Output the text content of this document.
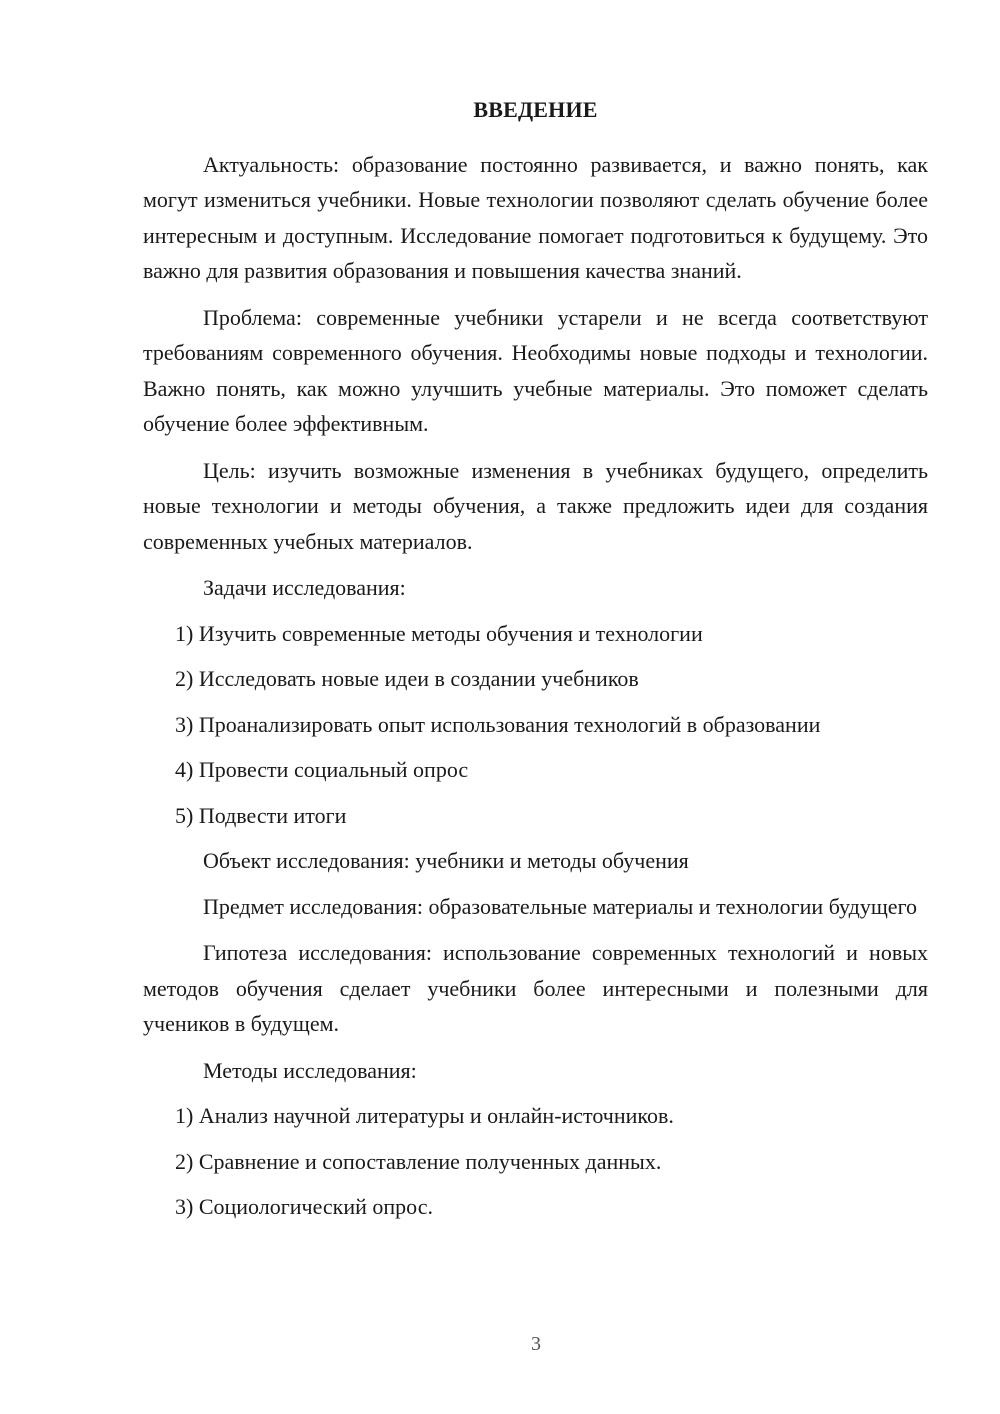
ВВЕДЕНИЕ

Актуальность: образование постоянно развивается, и важно понять, как могут измениться учебники. Новые технологии позволяют сделать обучение более интересным и доступным. Исследование помогает подготовиться к будущему. Это важно для развития образования и повышения качества знаний.

Проблема: современные учебники устарели и не всегда соответствуют требованиям современного обучения. Необходимы новые подходы и технологии. Важно понять, как можно улучшить учебные материалы. Это поможет сделать обучение более эффективным.

Цель: изучить возможные изменения в учебниках будущего, определить новые технологии и методы обучения, а также предложить идеи для создания современных учебных материалов.

Задачи исследования:

1) Изучить современные методы обучения и технологии

2) Исследовать новые идеи в создании учебников

3) Проанализировать опыт использования технологий в образовании

4) Провести социальный опрос

5) Подвести итоги

Объект исследования: учебники и методы обучения

Предмет исследования: образовательные материалы и технологии будущего

Гипотеза исследования: использование современных технологий и новых методов обучения сделает учебники более интересными и полезными для учеников в будущем.

Методы исследования:

1) Анализ научной литературы и онлайн-источников.

2) Сравнение и сопоставление полученных данных.

3) Социологический опрос.

3
